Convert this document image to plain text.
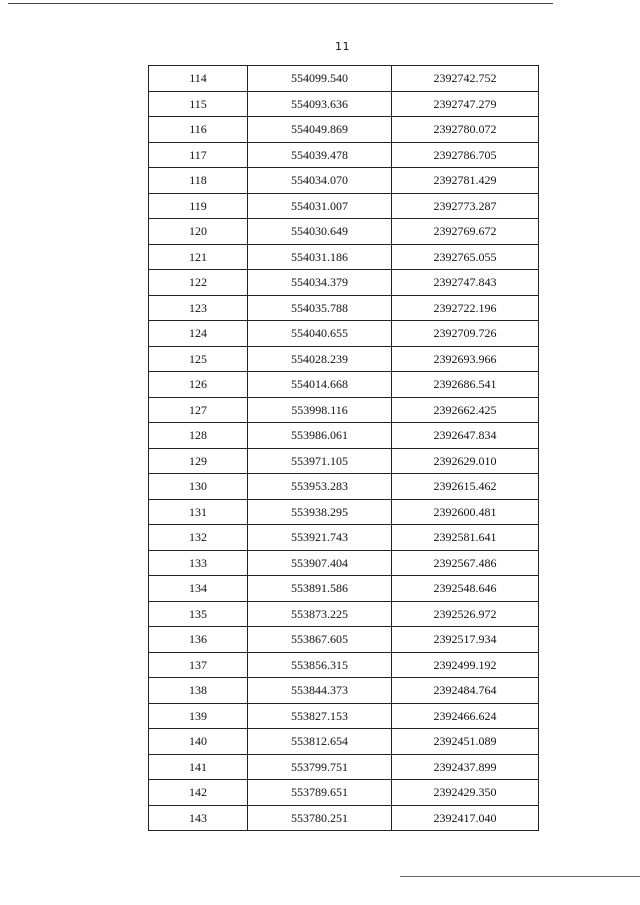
11
114	554099.540	2392742.752
115	554093.636	2392747.279
116	554049.869	2392780.072
117	554039.478	2392786.705
118	554034.070	2392781.429
119	554031.007	2392773.287
120	554030.649	2392769.672
121	554031.186	2392765.055
122	554034.379	2392747.843
123	554035.788	2392722.196
124	554040.655	2392709.726
125	554028.239	2392693.966
126	554014.668	2392686.541
127	553998.116	2392662.425
128	553986.061	2392647.834
129	553971.105	2392629.010
130	553953.283	2392615.462
131	553938.295	2392600.481
132	553921.743	2392581.641
133	553907.404	2392567.486
134	553891.586	2392548.646
135	553873.225	2392526.972
136	553867.605	2392517.934
137	553856.315	2392499.192
138	553844.373	2392484.764
139	553827.153	2392466.624
140	553812.654	2392451.089
141	553799.751	2392437.899
142	553789.651	2392429.350
143	553780.251	2392417.040
